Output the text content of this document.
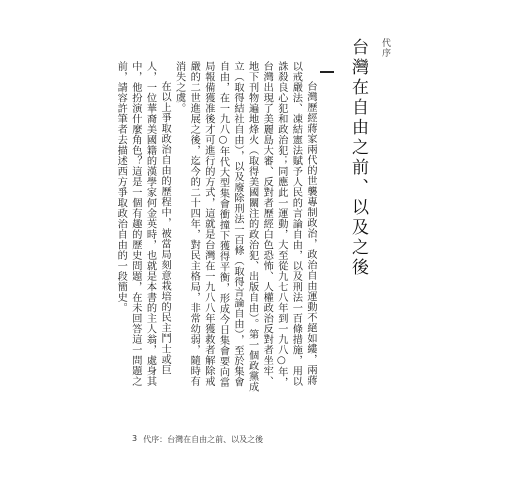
代序

台灣在自由之前、以及之後

台灣歷經蔣家兩代的世襲專制政治，政治自由運動不絕如縷，兩蔣以戒嚴法、凍結憲法賦予人民的言論自由，以及刑法一百條措施，用以誅殺良心犯和政治犯；同應此一運動，大至從九七八年到一九八○年，台灣出現了美麗島大審、反對者歷經白色恐怖、人權政治反對者坐牢、地下刊物遍地烽火（取得美國關注的政治犯、出版自由）。第一個政黨成立（取得結社自由），以及廢除刑法一百條（取得言論自由），至於集會自由，在一九八○年代大型集會衝撞下獲得平衡，形成今日集會要向當局報備獲准後才可進行的方式，這就是台灣在一九八八年獲救者解除戒嚴的二世進展之後，迄今的二十四年，對民主格局，非常幼弱，隨時有消失之虞。

在以上爭取政治自由的歷程中，被當局刻意栽培的民主鬥士或巨人，一位華裔美國籍的漢學家何金英時，也就是本書的主人翁，處身其中，他扮演什麼角色？這是一個有趣的歷史問題，在未回答這一問題之前，請容許筆者去描述西方爭取政治自由的一段簡史。

3 代序：台灣在自由之前、以及之後
